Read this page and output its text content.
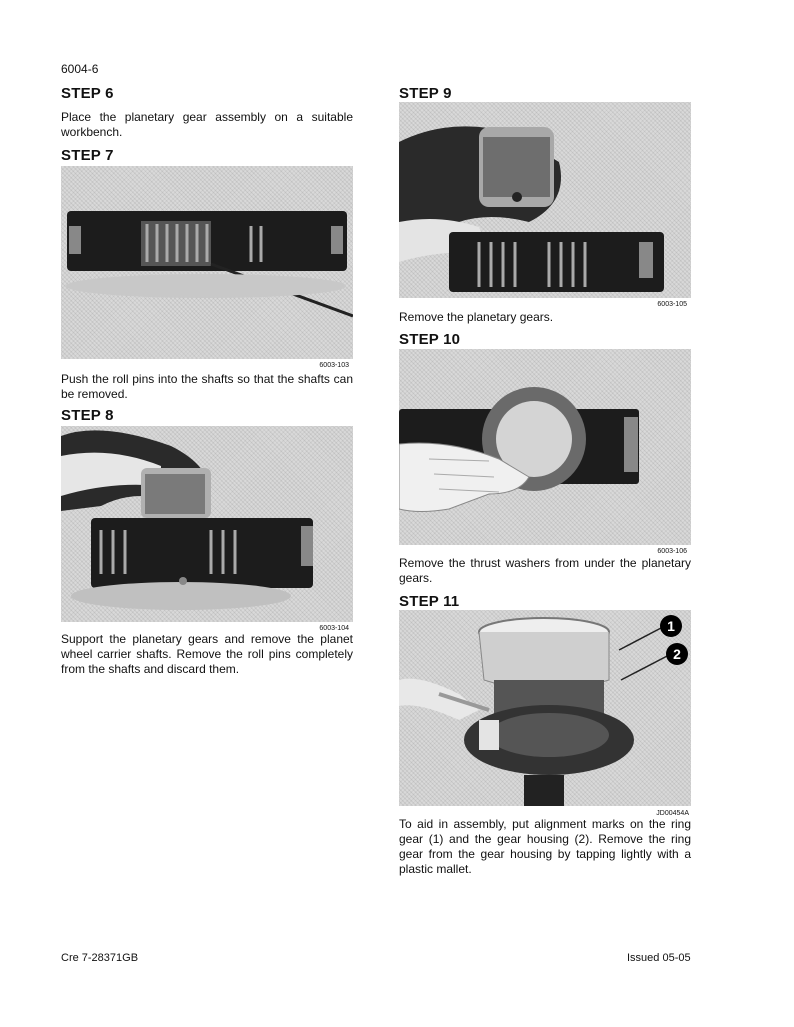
6004-6
STEP 6
Place the planetary gear assembly on a suitable workbench.
STEP 7
6003-103
Push the roll pins into the shafts so that the shafts can be removed.
STEP 8
6003-104
Support the planetary gears and remove the planet wheel carrier shafts. Remove the roll pins completely from the shafts and discard them.
STEP 9
6003-105
Remove the planetary gears.
STEP 10
6003-106
Remove the thrust washers from under the planetary gears.
STEP 11
1
2
JD00454A
To aid in assembly, put alignment marks on the ring gear (1) and the gear housing (2). Remove the ring gear from the gear housing by tapping lightly with a plastic mallet.
Cre 7-28371GB	Issued 05-05
